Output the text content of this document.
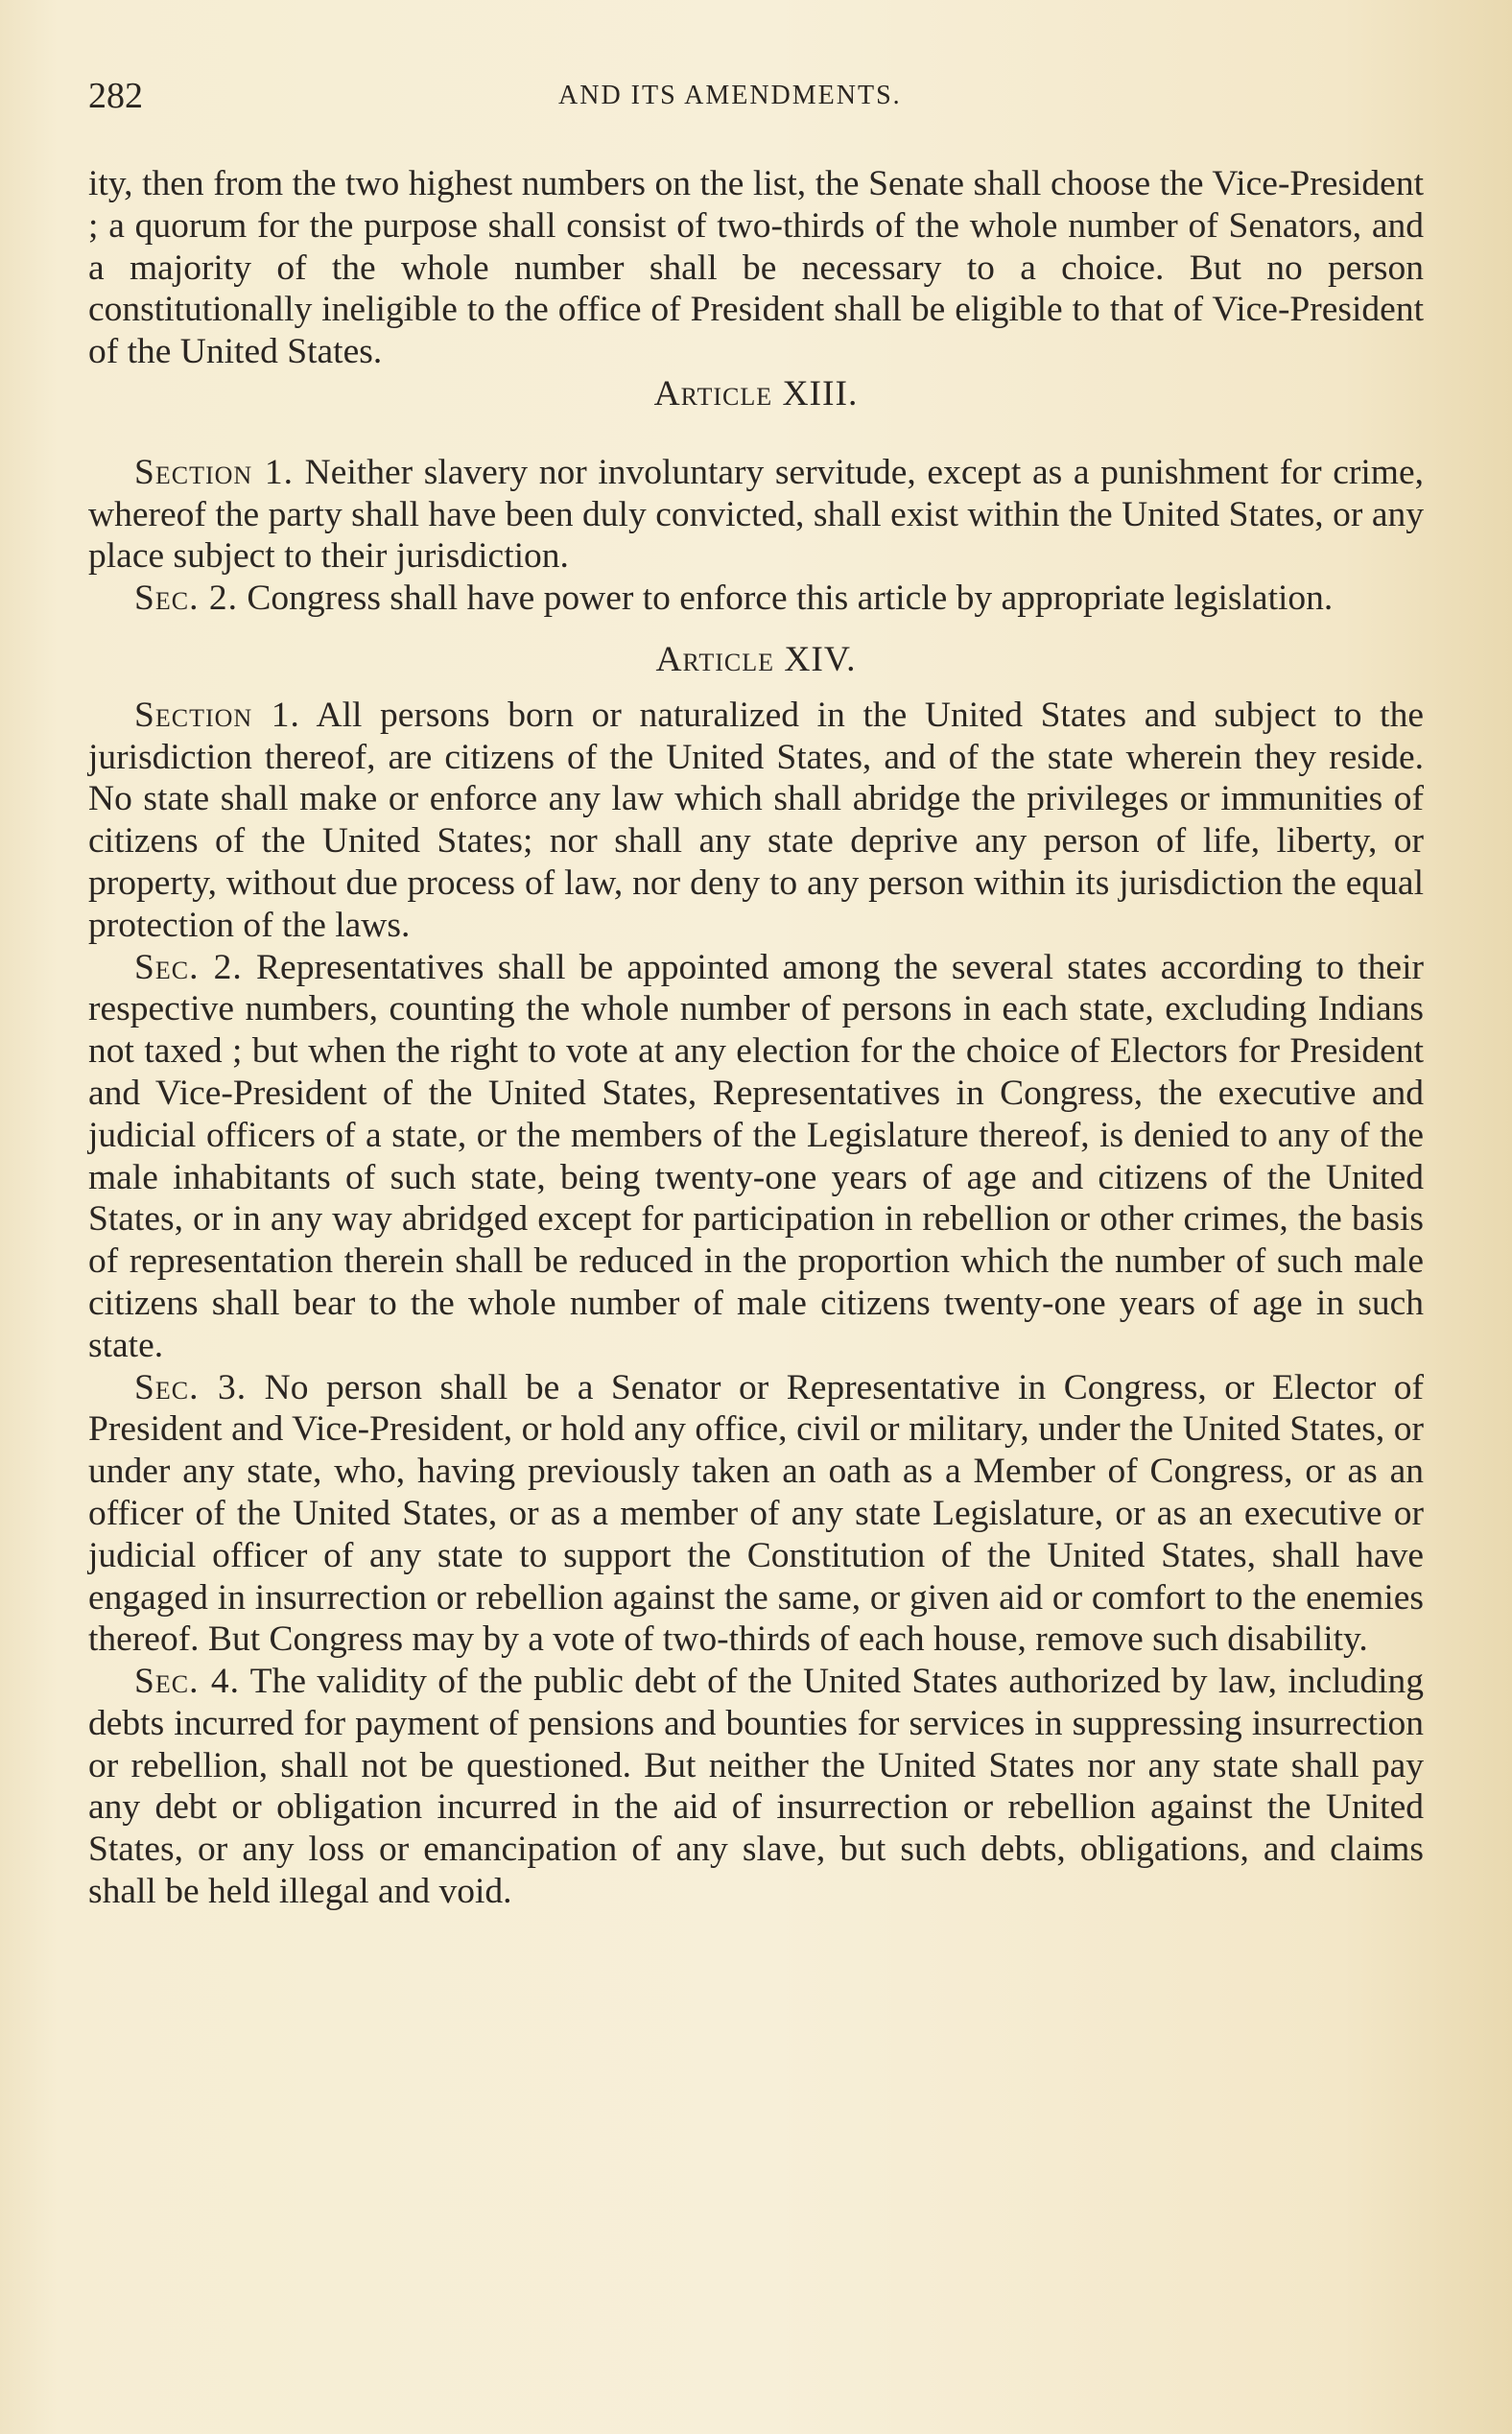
282	AND ITS AMENDMENTS.

ity, then from the two highest numbers on the list, the Senate shall choose the Vice-President ; a quorum for the purpose shall consist of two-thirds of the whole number of Senators, and a majority of the whole number shall be necessary to a choice. But no person constitutionally ineligible to the office of President shall be eligible to that of Vice-President of the United States.

Article XIII.

Section 1. Neither slavery nor involuntary servitude, except as a punishment for crime, whereof the party shall have been duly convicted, shall exist within the United States, or any place subject to their jurisdiction.

Sec. 2. Congress shall have power to enforce this article by appropriate legislation.

Article XIV.

Section 1. All persons born or naturalized in the United States and subject to the jurisdiction thereof, are citizens of the United States, and of the state wherein they reside. No state shall make or enforce any law which shall abridge the privileges or immunities of citizens of the United States; nor shall any state deprive any person of life, liberty, or property, without due process of law, nor deny to any person within its jurisdiction the equal protection of the laws.

Sec. 2. Representatives shall be appointed among the several states according to their respective numbers, counting the whole number of persons in each state, excluding Indians not taxed ; but when the right to vote at any election for the choice of Electors for President and Vice-President of the United States, Representatives in Congress, the executive and judicial officers of a state, or the members of the Legislature thereof, is denied to any of the male inhabitants of such state, being twenty-one years of age and citizens of the United States, or in any way abridged except for participation in rebellion or other crimes, the basis of representation therein shall be reduced in the proportion which the number of such male citizens shall bear to the whole number of male citizens twenty-one years of age in such state.

Sec. 3. No person shall be a Senator or Representative in Congress, or Elector of President and Vice-President, or hold any office, civil or military, under the United States, or under any state, who, having previously taken an oath as a Member of Congress, or as an officer of the United States, or as a member of any state Legislature, or as an executive or judicial officer of any state to support the Constitution of the United States, shall have engaged in insurrection or rebellion against the same, or given aid or comfort to the enemies thereof. But Congress may by a vote of two-thirds of each house, remove such disability.

Sec. 4. The validity of the public debt of the United States authorized by law, including debts incurred for payment of pensions and bounties for services in suppressing insurrection or rebellion, shall not be questioned. But neither the United States nor any state shall pay any debt or obligation incurred in the aid of insurrection or rebellion against the United States, or any loss or emancipation of any slave, but such debts, obligations, and claims shall be held illegal and void.
